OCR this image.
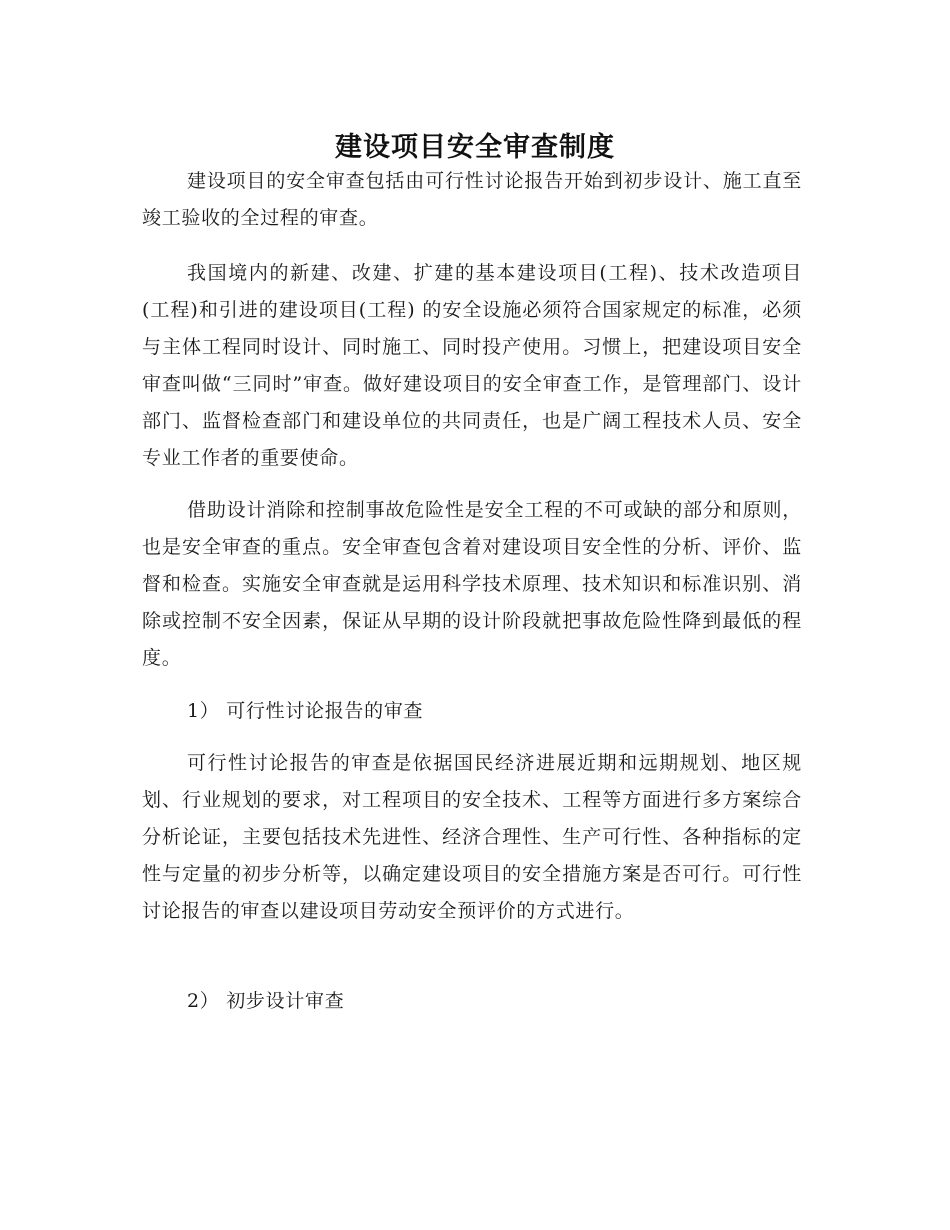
建设项目安全审查制度

建设项目的安全审查包括由可行性讨论报告开始到初步设计、施工直至竣工验收的全过程的审查。

我国境内的新建、改建、扩建的基本建设项目(工程)、技术改造项目(工程)和引进的建设项目(工程) 的安全设施必须符合国家规定的标准，必须与主体工程同时设计、同时施工、同时投产使用。习惯上，把建设项目安全审查叫做“三同时”审查。做好建设项目的安全审查工作，是管理部门、设计部门、监督检查部门和建设单位的共同责任，也是广阔工程技术人员、安全专业工作者的重要使命。

借助设计消除和控制事故危险性是安全工程的不可或缺的部分和原则，也是安全审查的重点。安全审查包含着对建设项目安全性的分析、评价、监督和检查。实施安全审查就是运用科学技术原理、技术知识和标准识别、消除或控制不安全因素，保证从早期的设计阶段就把事故危险性降到最低的程度。

1） 可行性讨论报告的审查

可行性讨论报告的审查是依据国民经济进展近期和远期规划、地区规划、行业规划的要求，对工程项目的安全技术、工程等方面进行多方案综合分析论证，主要包括技术先进性、经济合理性、生产可行性、各种指标的定性与定量的初步分析等，以确定建设项目的安全措施方案是否可行。可行性讨论报告的审查以建设项目劳动安全预评价的方式进行。

2） 初步设计审查
